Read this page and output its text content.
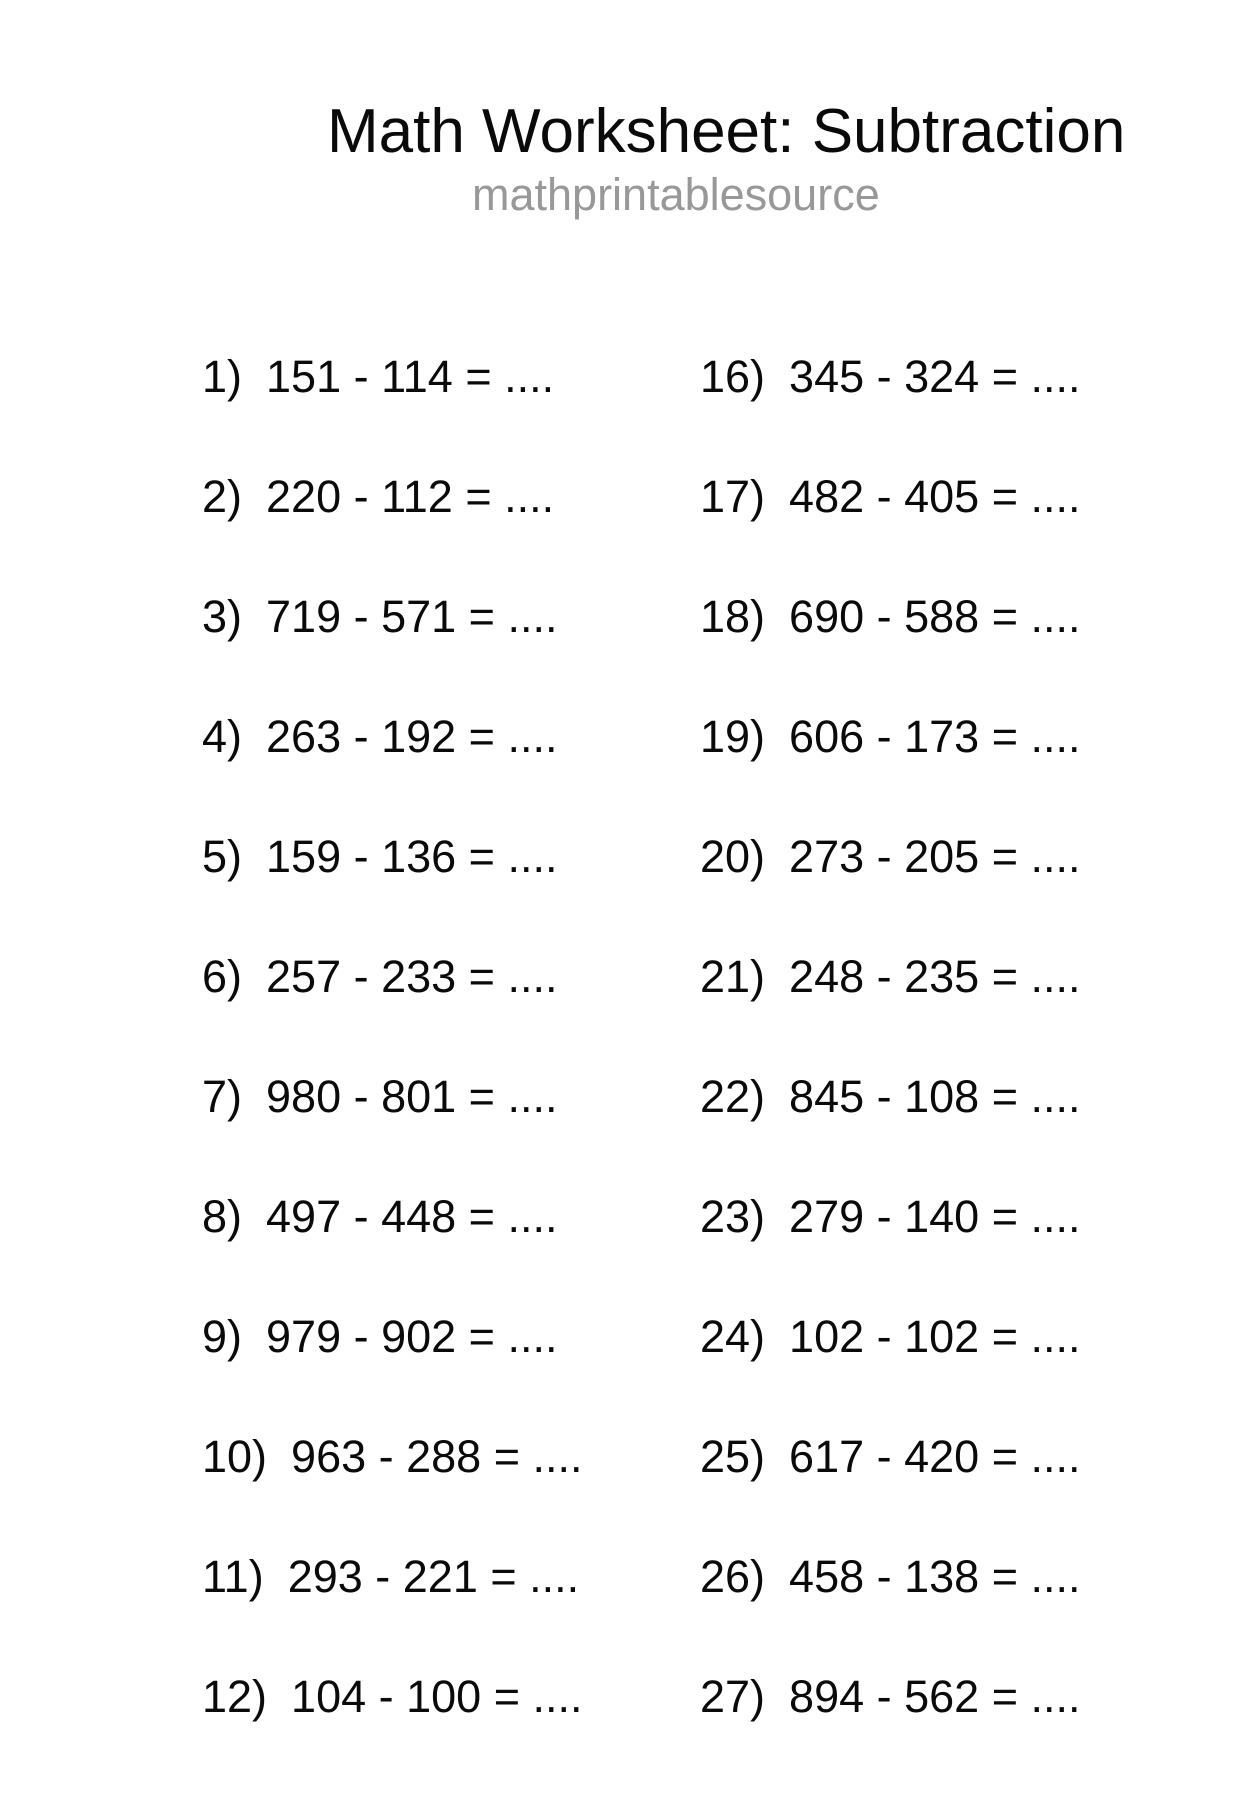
Math Worksheet: Subtraction
mathprintablesource
1) 151 - 114 = ....
2) 220 - 112 = ....
3) 719 - 571 = ....
4) 263 - 192 = ....
5) 159 - 136 = ....
6) 257 - 233 = ....
7) 980 - 801 = ....
8) 497 - 448 = ....
9) 979 - 902 = ....
10) 963 - 288 = ....
11) 293 - 221 = ....
12) 104 - 100 = ....
16) 345 - 324 = ....
17) 482 - 405 = ....
18) 690 - 588 = ....
19) 606 - 173 = ....
20) 273 - 205 = ....
21) 248 - 235 = ....
22) 845 - 108 = ....
23) 279 - 140 = ....
24) 102 - 102 = ....
25) 617 - 420 = ....
26) 458 - 138 = ....
27) 894 - 562 = ....
